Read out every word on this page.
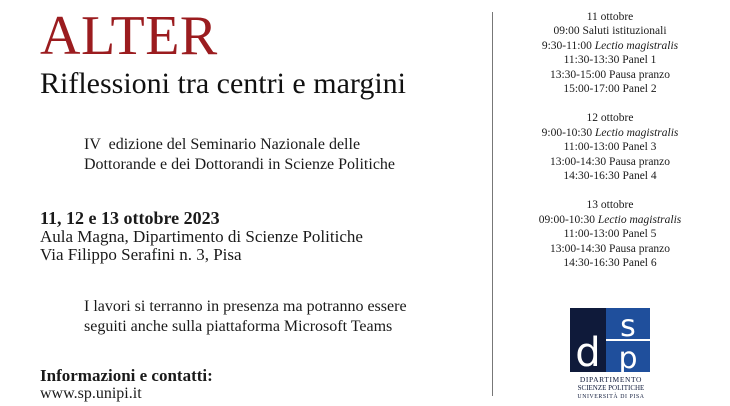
ALTER
Riflessioni tra centri e margini
IV  edizione del Seminario Nazionale delle
Dottorande e dei Dottorandi in Scienze Politiche
11, 12 e 13 ottobre 2023
Aula Magna, Dipartimento di Scienze Politiche
Via Filippo Serafini n. 3, Pisa
I lavori si terranno in presenza ma potranno essere
seguiti anche sulla piattaforma Microsoft Teams
Informazioni e contatti:
www.sp.unipi.it
11 ottobre
09:00 Saluti istituzionali
9:30-11:00 Lectio magistralis
11:30-13:30 Panel 1
13:30-15:00 Pausa pranzo
15:00-17:00 Panel 2
12 ottobre
9:00-10:30 Lectio magistralis
11:00-13:00 Panel 3
13:00-14:30 Pausa pranzo
14:30-16:30 Panel 4
13 ottobre
09:00-10:30 Lectio magistralis
11:00-13:00 Panel 5
13:00-14:30 Pausa pranzo
14:30-16:30 Panel 6
d
s
p
DIPARTIMENTO
SCIENZE POLITICHE
UNIVERSITÀ DI PISA
